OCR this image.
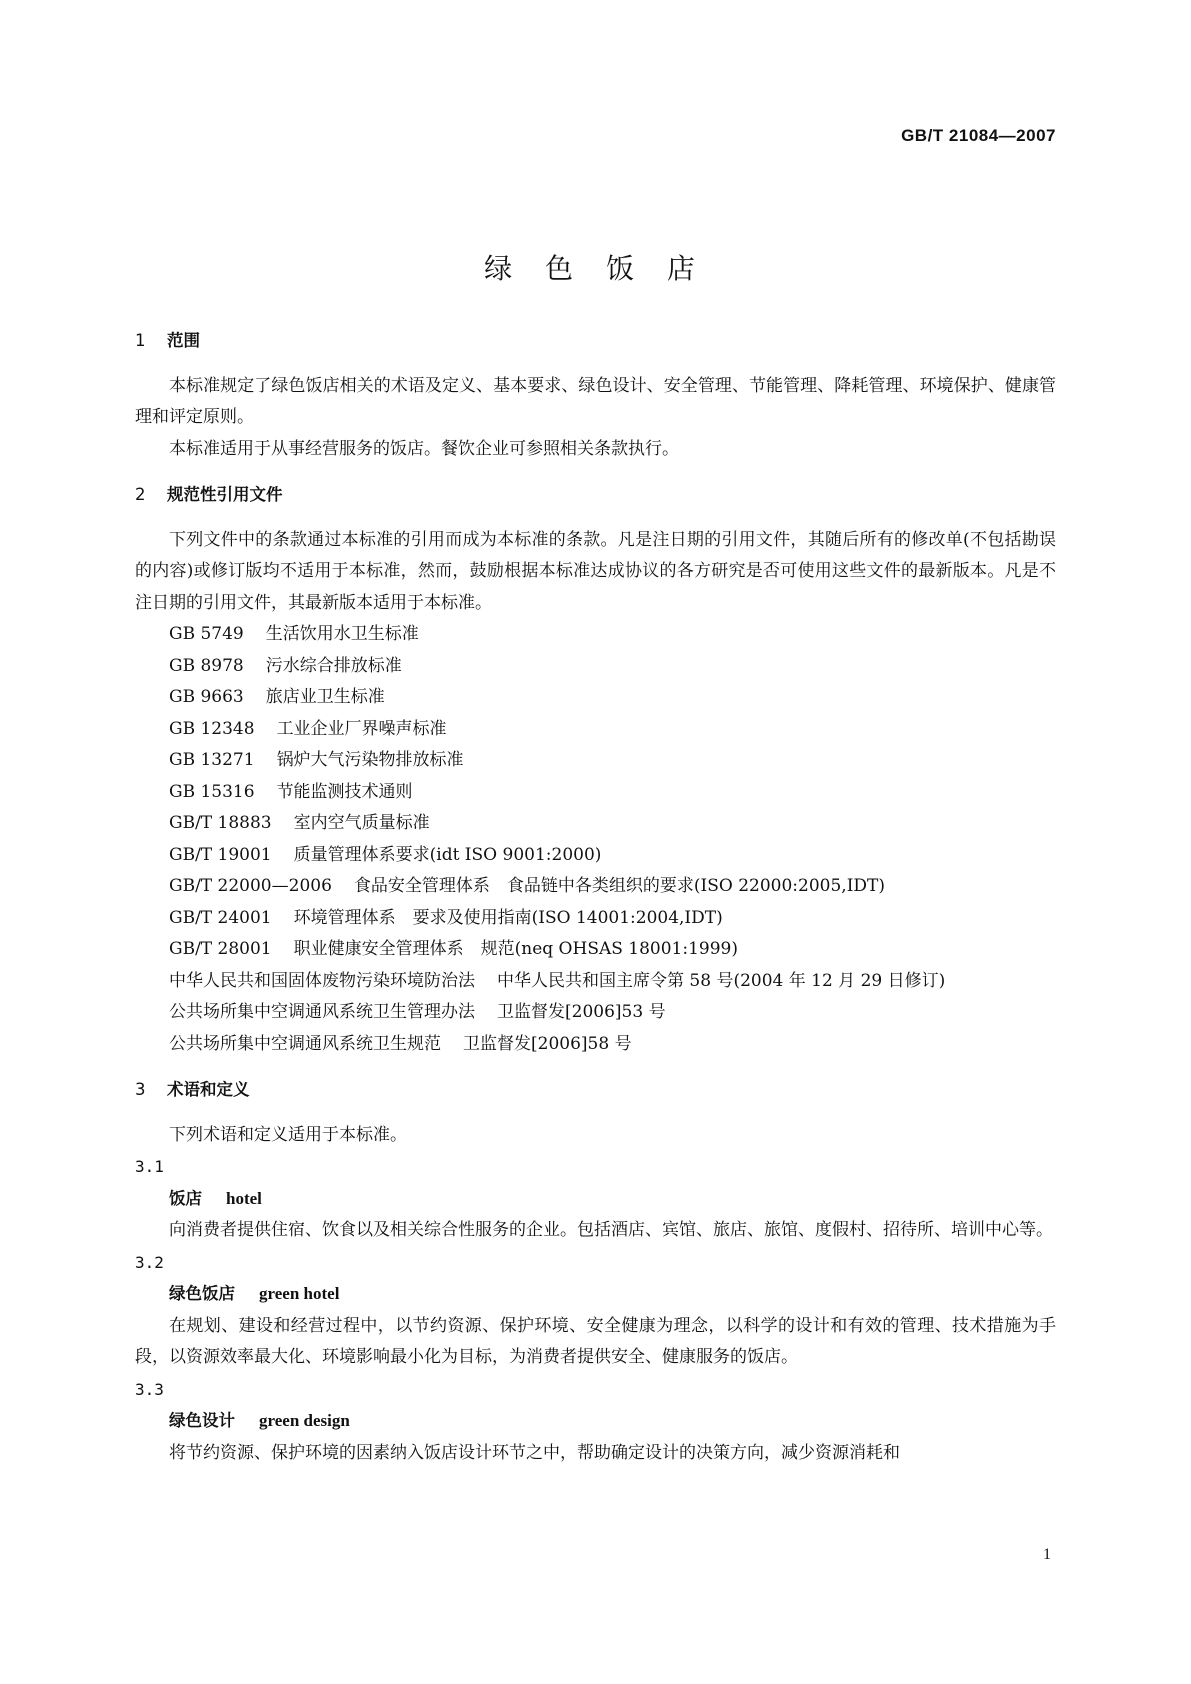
GB/T 21084—2007
绿 色 饭 店
1 范围

本标准规定了绿色饭店相关的术语及定义、基本要求、绿色设计、安全管理、节能管理、降耗管理、环境保护、健康管理和评定原则。

本标准适用于从事经营服务的饭店。餐饮企业可参照相关条款执行。

2 规范性引用文件

下列文件中的条款通过本标准的引用而成为本标准的条款。凡是注日期的引用文件，其随后所有的修改单(不包括勘误的内容)或修订版均不适用于本标准，然而，鼓励根据本标准达成协议的各方研究是否可使用这些文件的最新版本。凡是不注日期的引用文件，其最新版本适用于本标准。

GB 5749 生活饮用水卫生标准
GB 8978 污水综合排放标准
GB 9663 旅店业卫生标准
GB 12348 工业企业厂界噪声标准
GB 13271 锅炉大气污染物排放标准
GB 15316 节能监测技术通则
GB/T 18883 室内空气质量标准
GB/T 19001 质量管理体系要求(idt ISO 9001:2000)
GB/T 22000—2006 食品安全管理体系　食品链中各类组织的要求(ISO 22000:2005,IDT)
GB/T 24001 环境管理体系　要求及使用指南(ISO 14001:2004,IDT)
GB/T 28001 职业健康安全管理体系　规范(neq OHSAS 18001:1999)
中华人民共和国固体废物污染环境防治法 中华人民共和国主席令第 58 号(2004 年 12 月 29 日修订)
公共场所集中空调通风系统卫生管理办法 卫监督发[2006]53 号
公共场所集中空调通风系统卫生规范 卫监督发[2006]58 号
3 术语和定义

下列术语和定义适用于本标准。

3.1

饭店 hotel

向消费者提供住宿、饮食以及相关综合性服务的企业。包括酒店、宾馆、旅店、旅馆、度假村、招待所、培训中心等。

3.2

绿色饭店 green hotel

在规划、建设和经营过程中，以节约资源、保护环境、安全健康为理念，以科学的设计和有效的管理、技术措施为手段，以资源效率最大化、环境影响最小化为目标，为消费者提供安全、健康服务的饭店。

3.3

绿色设计 green design

将节约资源、保护环境的因素纳入饭店设计环节之中，帮助确定设计的决策方向，减少资源消耗和

1
